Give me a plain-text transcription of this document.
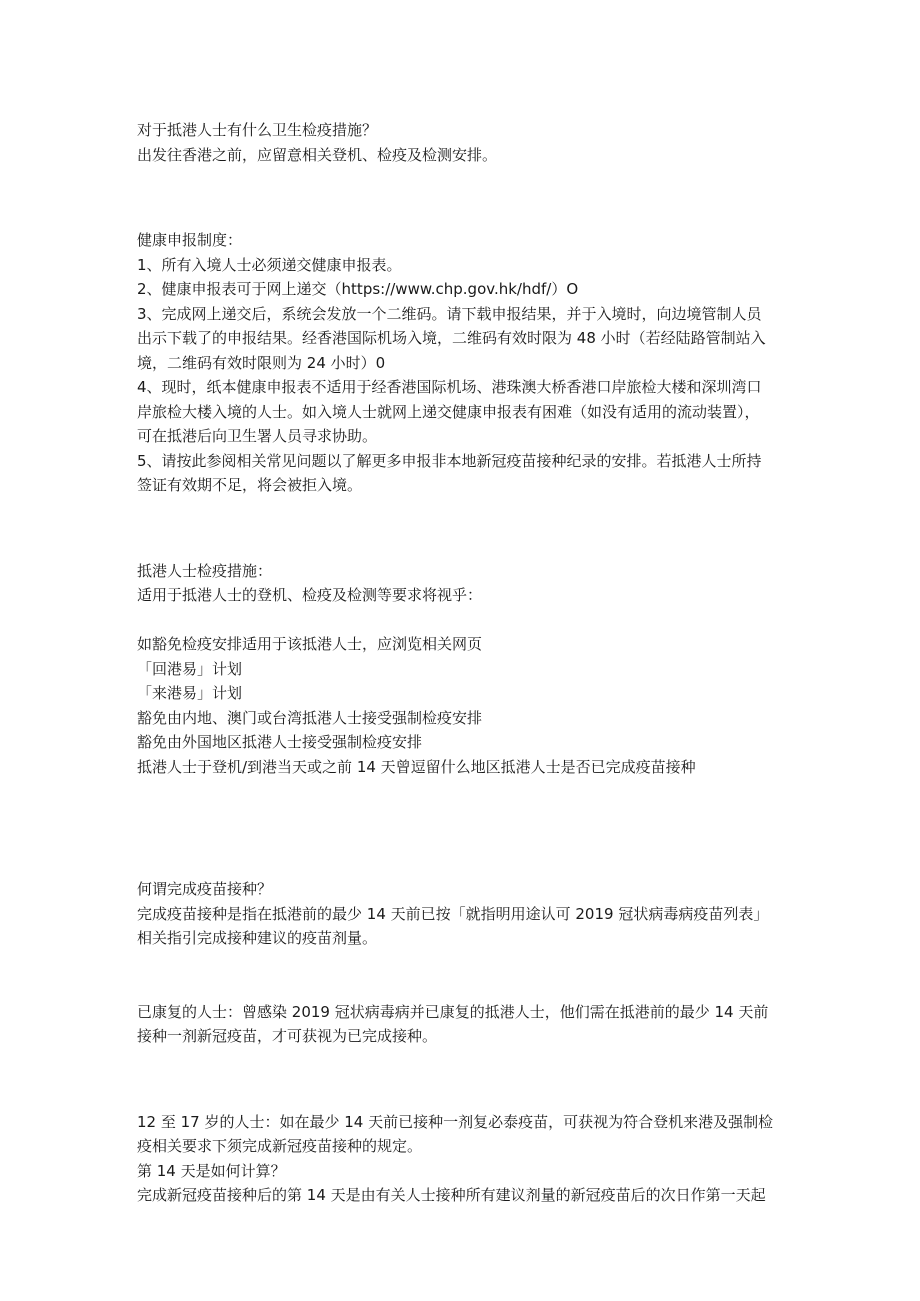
对于抵港人士有什么卫生检疫措施？
出发往香港之前，应留意相关登机、检疫及检测安排。
健康申报制度：
1、所有入境人士必须递交健康申报表。
2、健康申报表可于网上递交（https://www.chp.gov.hk/hdf/）O
3、完成网上递交后，系统会发放一个二维码。请下载申报结果，并于入境时，向边境管制人员
出示下载了的申报结果。经香港国际机场入境，二维码有效时限为 48 小时（若经陆路管制站入
境，二维码有效时限则为 24 小时）0
4、现时，纸本健康申报表不适用于经香港国际机场、港珠澳大桥香港口岸旅检大楼和深圳湾口
岸旅检大楼入境的人士。如入境人士就网上递交健康申报表有困难（如没有适用的流动装置），
可在抵港后向卫生署人员寻求协助。
5、请按此参阅相关常见问题以了解更多申报非本地新冠疫苗接种纪录的安排。若抵港人士所持
签证有效期不足，将会被拒入境。
抵港人士检疫措施：
适用于抵港人士的登机、检疫及检测等要求将视乎：
如豁免检疫安排适用于该抵港人士，应浏览相关网页
「回港易」计划
「来港易」计划
豁免由内地、澳门或台湾抵港人士接受强制检疫安排
豁免由外国地区抵港人士接受强制检疫安排
抵港人士于登机/到港当天或之前 14 天曾逗留什么地区抵港人士是否已完成疫苗接种
何谓完成疫苗接种？
完成疫苗接种是指在抵港前的最少 14 天前已按「就指明用途认可 2019 冠状病毒病疫苗列表」
相关指引完成接种建议的疫苗剂量。
已康复的人士：曾感染 2019 冠状病毒病并已康复的抵港人士，他们需在抵港前的最少 14 天前
接种一剂新冠疫苗，才可获视为已完成接种。
12 至 17 岁的人士：如在最少 14 天前已接种一剂复必泰疫苗，可获视为符合登机来港及强制检
疫相关要求下须完成新冠疫苗接种的规定。
第 14 天是如何计算？
完成新冠疫苗接种后的第 14 天是由有关人士接种所有建议剂量的新冠疫苗后的次日作第一天起
